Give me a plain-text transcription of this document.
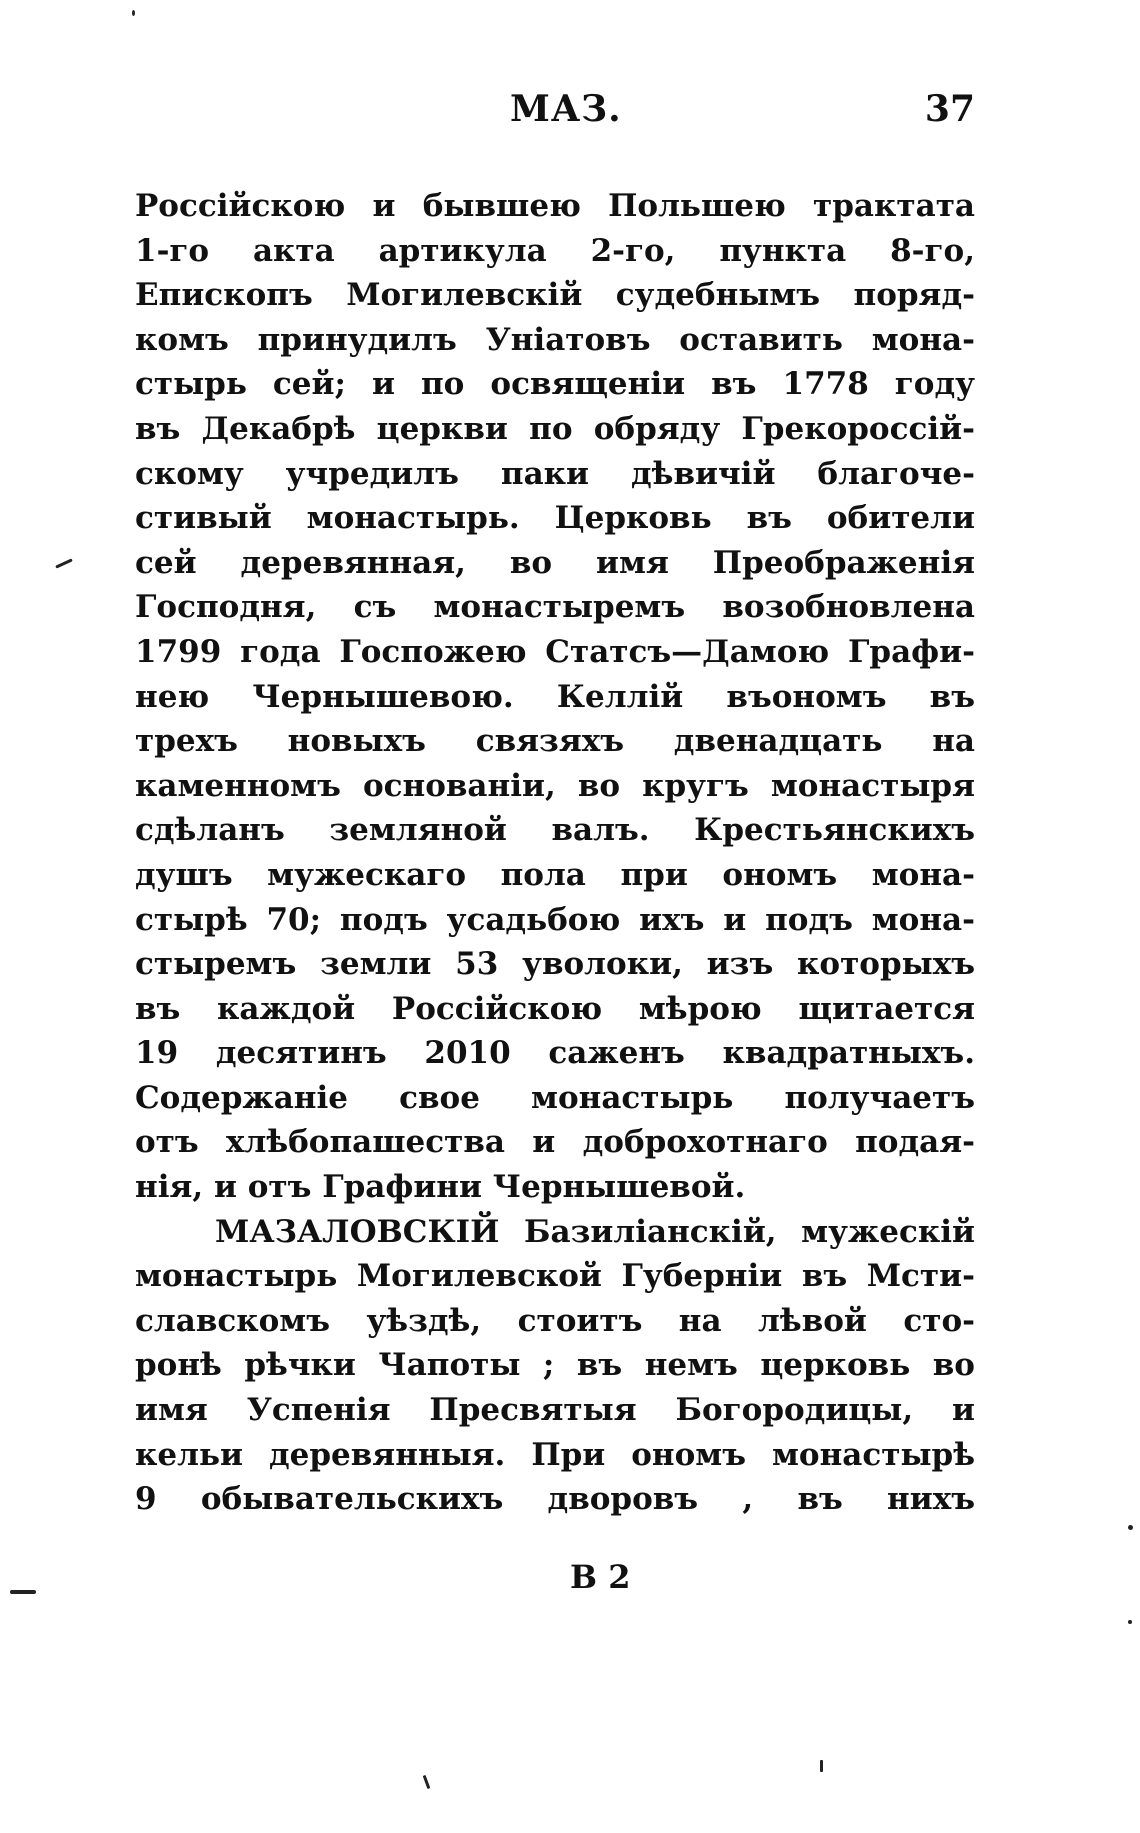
МАЗ.	37
Россійскою и бывшею Польшею трактата
1-го акта артикула 2-го, пункта 8-го,
Епископъ Могилевскій судебнымъ поряд-
комъ принудилъ Уніатовъ оставить мона-
стырь сей; и по освященіи въ 1778 году
въ Декабрѣ церкви по обряду Грекороссій-
скому учредилъ паки дѣвичій благоче-
стивый монастырь. Церковь въ обители
сей деревянная, во имя Преображенія
Господня, съ монастыремъ возобновлена
1799 года Госпожею Статсъ—Дамою Графи-
нею Чернышевою. Келлій въономъ въ
трехъ новыхъ связяхъ двенадцать на
каменномъ основаніи, во кругъ монастыря
сдѣланъ земляной валъ. Крестьянскихъ
душъ мужескаго пола при ономъ мона-
стырѣ 70; подъ усадьбою ихъ и подъ мона-
стыремъ земли 53 уволоки, изъ которыхъ
въ каждой Россійскою мѣрою щитается
19 десятинъ 2010 саженъ квадратныхъ.
Содержаніе свое монастырь получаетъ
отъ хлѣбопашества и доброхотнаго подая-
нія, и отъ Графини Чернышевой.
МАЗАЛОВСКІЙ Базиліанскій, мужескій
монастырь Могилевской Губерніи въ Мсти-
славскомъ уѣздѣ, стоитъ на лѣвой сто-
ронѣ рѣчки Чапоты ; въ немъ церковь во
имя Успенія Пресвятыя Богородицы, и
кельи деревянныя. При ономъ монастырѣ
9 обывательскихъ дворовъ , въ нихъ
В 2
